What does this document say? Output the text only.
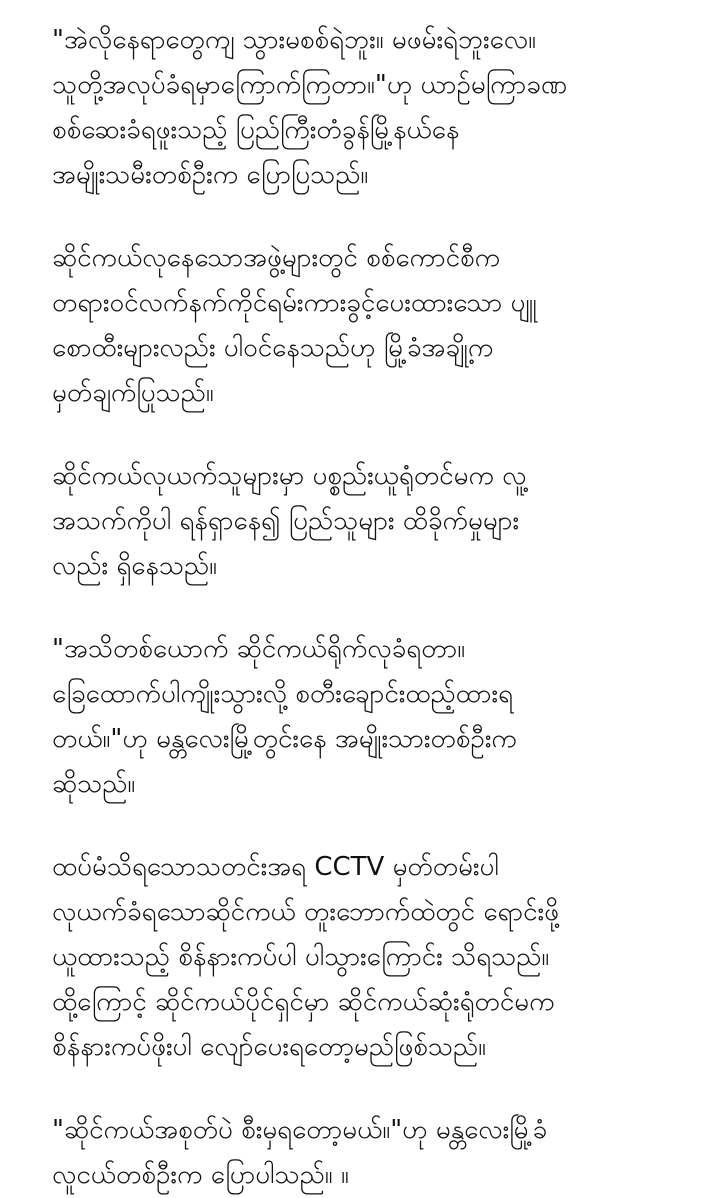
"အဲလိုနေရာတွေကျ သွားမစစ်ရဲဘူး။ မဖမ်းရဲဘူးလေ။
သူတို့အလုပ်ခံရမှာကြောက်ကြတာ။"ဟု ယာဥ်မကြာခဏ
စစ်ဆေးခံရဖူးသည့် ပြည်ကြီးတံခွန်မြို့နယ်နေ
အမျိုးသမီးတစ်ဦးက ပြောပြသည်။
ဆိုင်ကယ်လုနေသောအဖွဲ့များတွင် စစ်ကောင်စီက
တရားဝင်လက်နက်ကိုင်ရမ်းကားခွင့်ပေးထားသော ပျူ
စောထီးများလည်း ပါဝင်နေသည်ဟု မြို့ခံအချို့က
မှတ်ချက်ပြုသည်။
ဆိုင်ကယ်လုယက်သူများမှာ ပစ္စည်းယူရုံတင်မက လူ့
အသက်ကိုပါ ရန်ရှာနေ၍ ပြည်သူများ ထိခိုက်မှုများ
လည်း ရှိနေသည်။
"အသိတစ်ယောက် ဆိုင်ကယ်ရိုက်လုခံရတာ။
ခြေထောက်ပါကျိုးသွားလို့ စတီးချောင်းထည့်ထားရ
တယ်။"ဟု မန္တလေးမြို့တွင်းနေ အမျိုးသားတစ်ဦးက
ဆိုသည်။
ထပ်မံသိရသောသတင်းအရ CCTV မှတ်တမ်းပါ
လုယက်ခံရသောဆိုင်ကယ် တူးဘောက်ထဲတွင် ရောင်းဖို့
ယူထားသည့် စိန်နားကပ်ပါ ပါသွားကြောင်း သိရသည်။
ထို့ကြောင့် ဆိုင်ကယ်ပိုင်ရှင်မှာ ဆိုင်ကယ်ဆုံးရုံတင်မက
စိန်နားကပ်ဖိုးပါ လျော်ပေးရတော့မည်ဖြစ်သည်။
"ဆိုင်ကယ်အစုတ်ပဲ စီးမှရတော့မယ်။"ဟု မန္တလေးမြို့ခံ
လူငယ်တစ်ဦးက ပြောပါသည်။ ။
